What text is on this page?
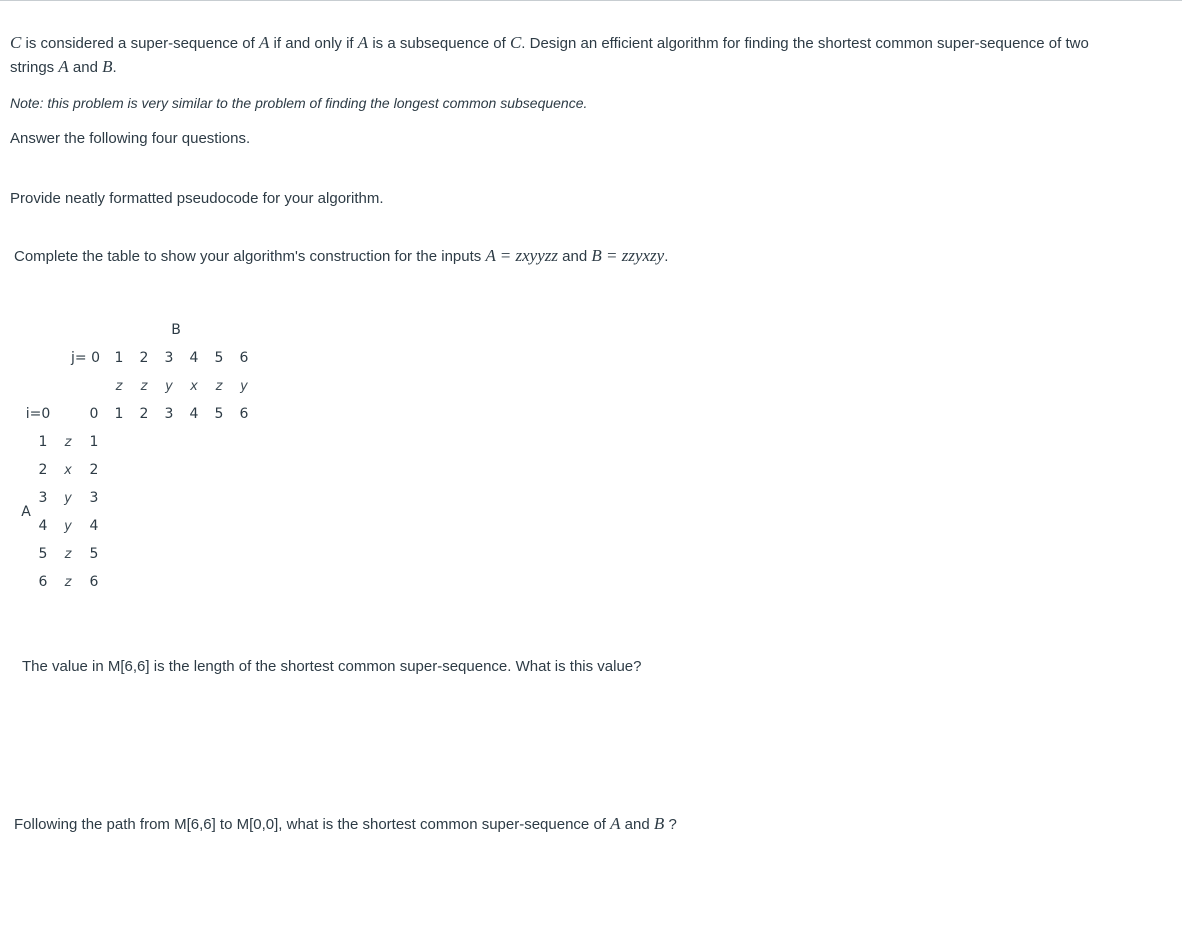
C is considered a super-sequence of A if and only if A is a subsequence of C. Design an efficient algorithm for finding the shortest common super-sequence of two
strings A and B.
Note: this problem is very similar to the problem of finding the longest common subsequence.
Answer the following four questions.
Provide neatly formatted pseudocode for your algorithm.
Complete the table to show your algorithm's construction for the inputs A = zxyyzz and B = zzyxzy.
B
j= 0 1 2 3 4 5 6
z z y x z y
i=0	0 1 2 3 4 5 6
1 z 1
2 x 2
3 y 3
4 y 4
5 z 5
6 z 6
A
The value in M[6,6] is the length of the shortest common super-sequence. What is this value?
Following the path from M[6,6] to M[0,0], what is the shortest common super-sequence of A and B ?
